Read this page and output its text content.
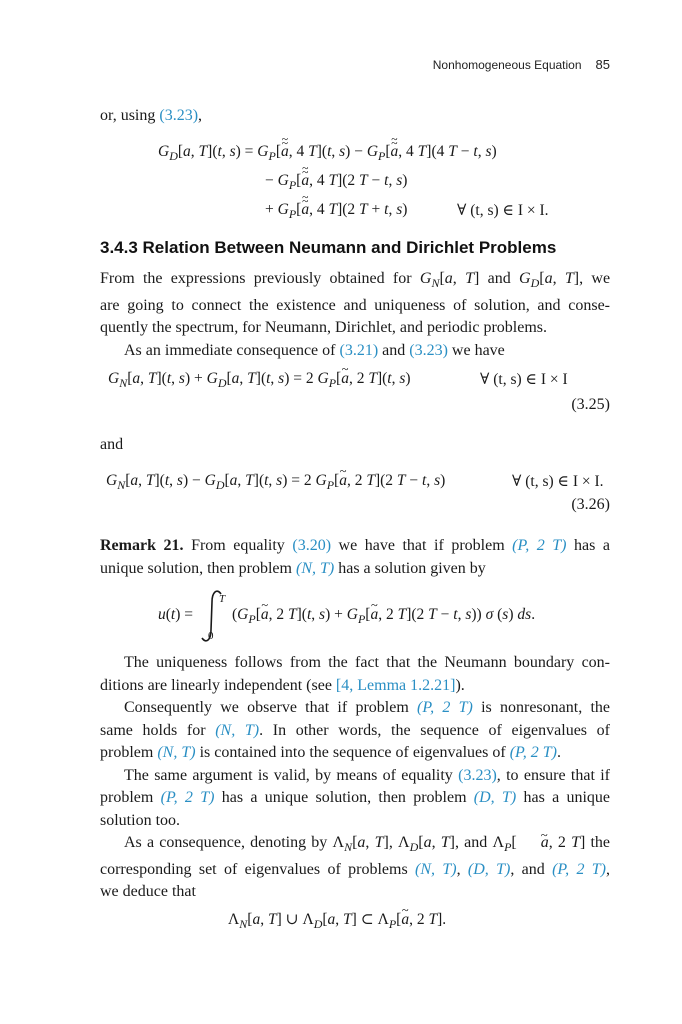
Nonhomogeneous Equation 85

or, using (3.23),

$G_D[a$, T](t, $s) = G_P[\sim$ a ~, 4 T](t, $s) - G_P[\sim$ a ~, 4 T](4 T − t, s)
− $G_P[\sim$ a ~, 4 T](2 T − t, s)
+ $G_P[\sim$ a ~, 4 T](2 T + t, s)	∀ (t, s) ∈ I × I.
3.4.3 Relation Between Neumann and Dirichlet Problems

From the expressions previously obtained for $G_N[a$, T] and $G_D[a$, T], we

are going to connect the existence and uniqueness of solution, and conse-

quently the spectrum, for Neumann, Dirichlet, and periodic problems.

As an immediate consequence of (3.21) and (3.23) we have

$G_N[a$, T](t, $s) + G_D[a$, T](t, s) = 2 $G_P[a$ ~, 2 T](t, s)	∀ (t, s) ∈ I × I
(3.25)

and

$G_N[a$, T](t, $s) - G_D[a$, T](t, s) = 2 $G_P[a$ ~, 2 T](2 T − t, s)	∀ (t, s) ∈ I × I.
(3.26)

Remark 21. From equality (3.20) we have that if problem (P, 2 T) has a

unique solution, then problem (N, T) has a solution given by

u(t) =
T
0
($G_P[a$ ~, 2 T](t, $s) + G_P[a$ ~, 2 T](2 T − t, s)) σ (s) ds.

The uniqueness follows from the fact that the Neumann boundary con-

ditions are linearly independent (see [4, Lemma 1.2.21]).

Consequently we observe that if problem (P, 2 T) is nonresonant, the

same holds for (N, T). In other words, the sequence of eigenvalues of

problem (N, T) is contained into the sequence of eigenvalues of (P, 2 T).

The same argument is valid, by means of equality (3.23), to ensure that if

problem (P, 2 T) has a unique solution, then problem (D, T) has a unique

solution too.

As a consequence, denoting by $\Lambda_N[a$, T], $\Lambda_D[a$, T], and $\Lambda_P$[ a ~, 2 T] the

corresponding set of eigenvalues of problems (N, T), (D, T), and (P, 2 T),

we deduce that

$\Lambda_N[a$, T] ∪ $\Lambda_D[a$, T] ⊂ $\Lambda_P[a$ ~, 2 T].
